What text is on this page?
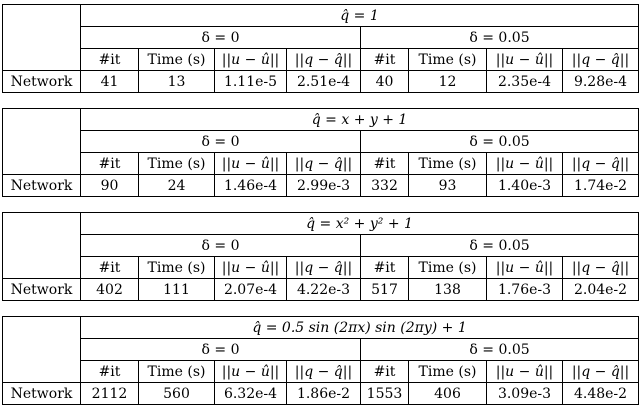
	q̂ = 1							
	δ = 0				δ = 0.05			
	#it	Time (s)	||u − û||	||q − q̂||	#it	Time (s)	||u − û||	||q − q̂||
Network	41	13	1.11e-5	2.51e-4	40	12	2.35e-4	9.28e-4
	q̂ = x + y + 1							
	δ = 0				δ = 0.05			
	#it	Time (s)	||u − û||	||q − q̂||	#it	Time (s)	||u − û||	||q − q̂||
Network	90	24	1.46e-4	2.99e-3	332	93	1.40e-3	1.74e-2
	q̂ = x² + y² + 1							
	δ = 0				δ = 0.05			
	#it	Time (s)	||u − û||	||q − q̂||	#it	Time (s)	||u − û||	||q − q̂||
Network	402	111	2.07e-4	4.22e-3	517	138	1.76e-3	2.04e-2
	q̂ = 0.5 sin (2πx) sin (2πy) + 1							
	δ = 0				δ = 0.05			
	#it	Time (s)	||u − û||	||q − q̂||	#it	Time (s)	||u − û||	||q − q̂||
Network	2112	560	6.32e-4	1.86e-2	1553	406	3.09e-3	4.48e-2
